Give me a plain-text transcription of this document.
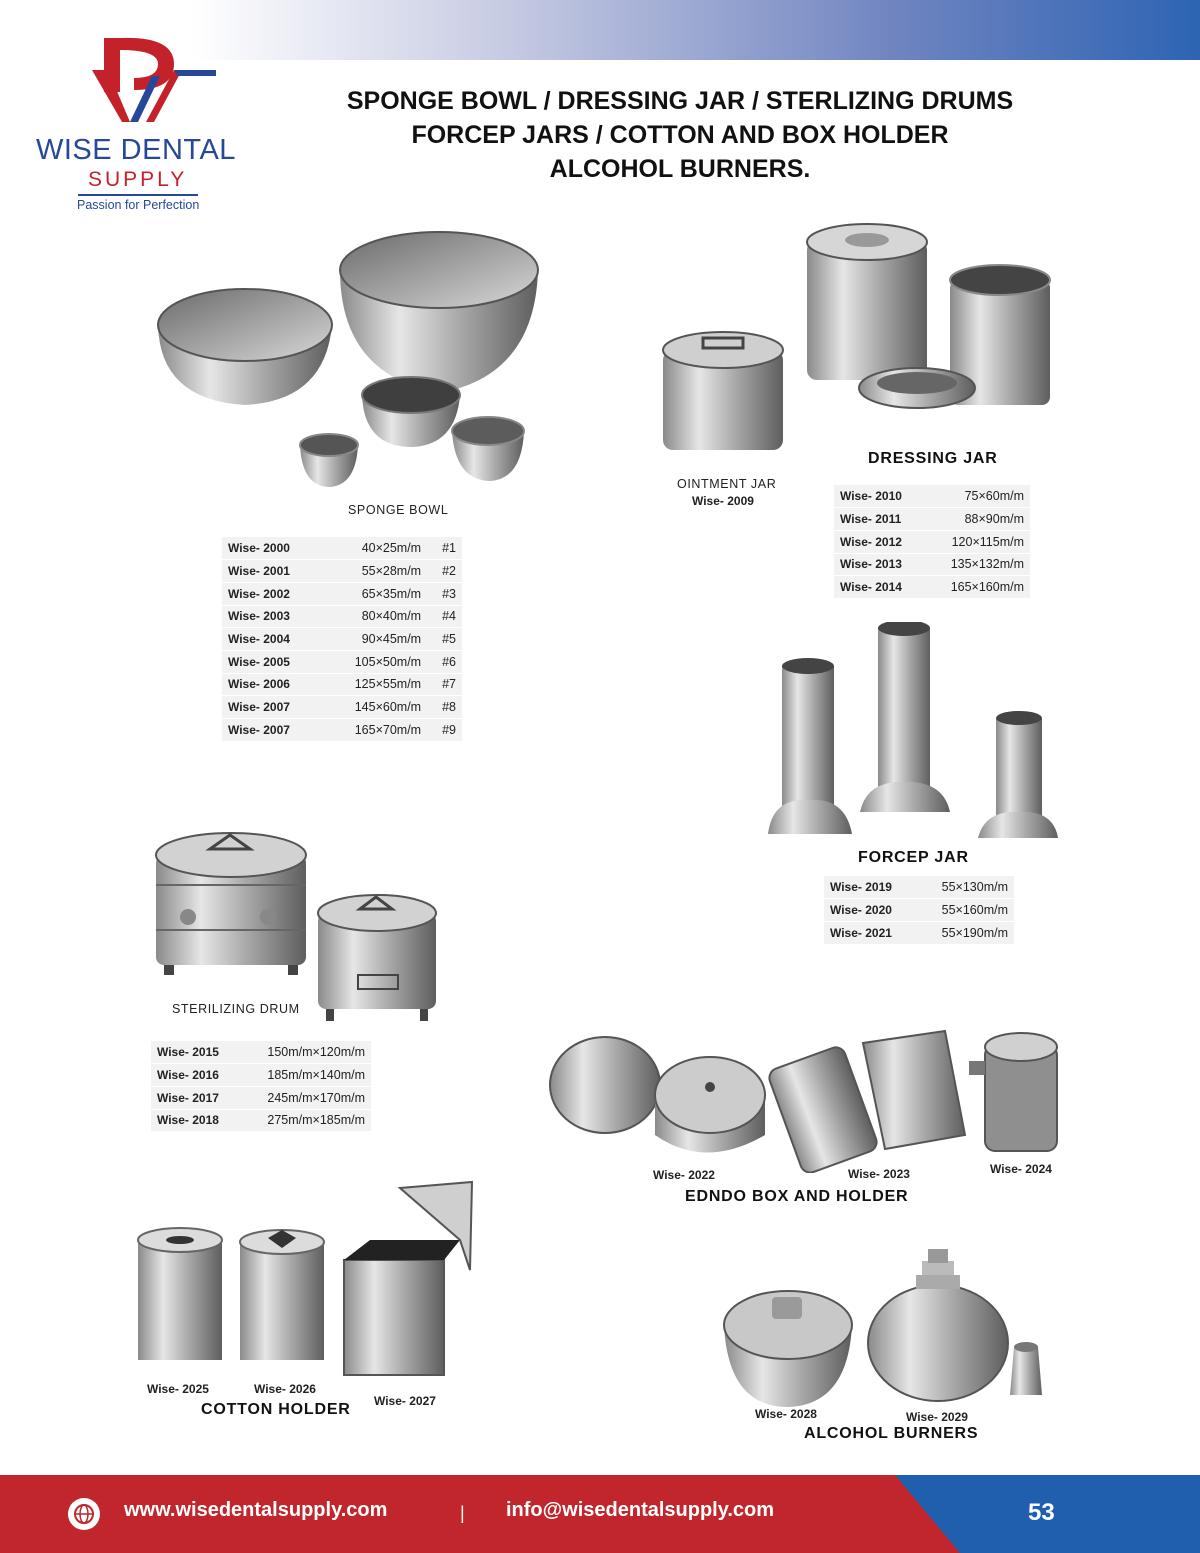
WISE DENTAL
SUPPLY
Passion for Perfection
SPONGE BOWL / DRESSING JAR / STERLIZING DRUMS
FORCEP JARS / COTTON AND BOX HOLDER
ALCOHOL BURNERS.
SPONGE BOWL
Wise- 2000	40×25m/m	#1
Wise- 2001	55×28m/m	#2
Wise- 2002	65×35m/m	#3
Wise- 2003	80×40m/m	#4
Wise- 2004	90×45m/m	#5
Wise- 2005	105×50m/m	#6
Wise- 2006	125×55m/m	#7
Wise- 2007	145×60m/m	#8
Wise- 2007	165×70m/m	#9
OINTMENT JAR
Wise- 2009
DRESSING JAR
Wise- 2010	75×60m/m
Wise- 2011	88×90m/m
Wise- 2012	120×115m/m
Wise- 2013	135×132m/m
Wise- 2014	165×160m/m
FORCEP JAR
Wise- 2019	55×130m/m
Wise- 2020	55×160m/m
Wise- 2021	55×190m/m
STERILIZING DRUM
Wise- 2015	150m/m×120m/m
Wise- 2016	185m/m×140m/m
Wise- 2017	245m/m×170m/m
Wise- 2018	275m/m×185m/m
Wise- 2022	Wise- 2023	Wise- 2024
EDNDO BOX AND HOLDER
Wise- 2025	Wise- 2026
Wise- 2027
COTTON HOLDER	Wise- 2028	Wise- 2029
ALCOHOL BURNERS
www.wisedentalsupply.com	| info@wisedentalsupply.com	53
